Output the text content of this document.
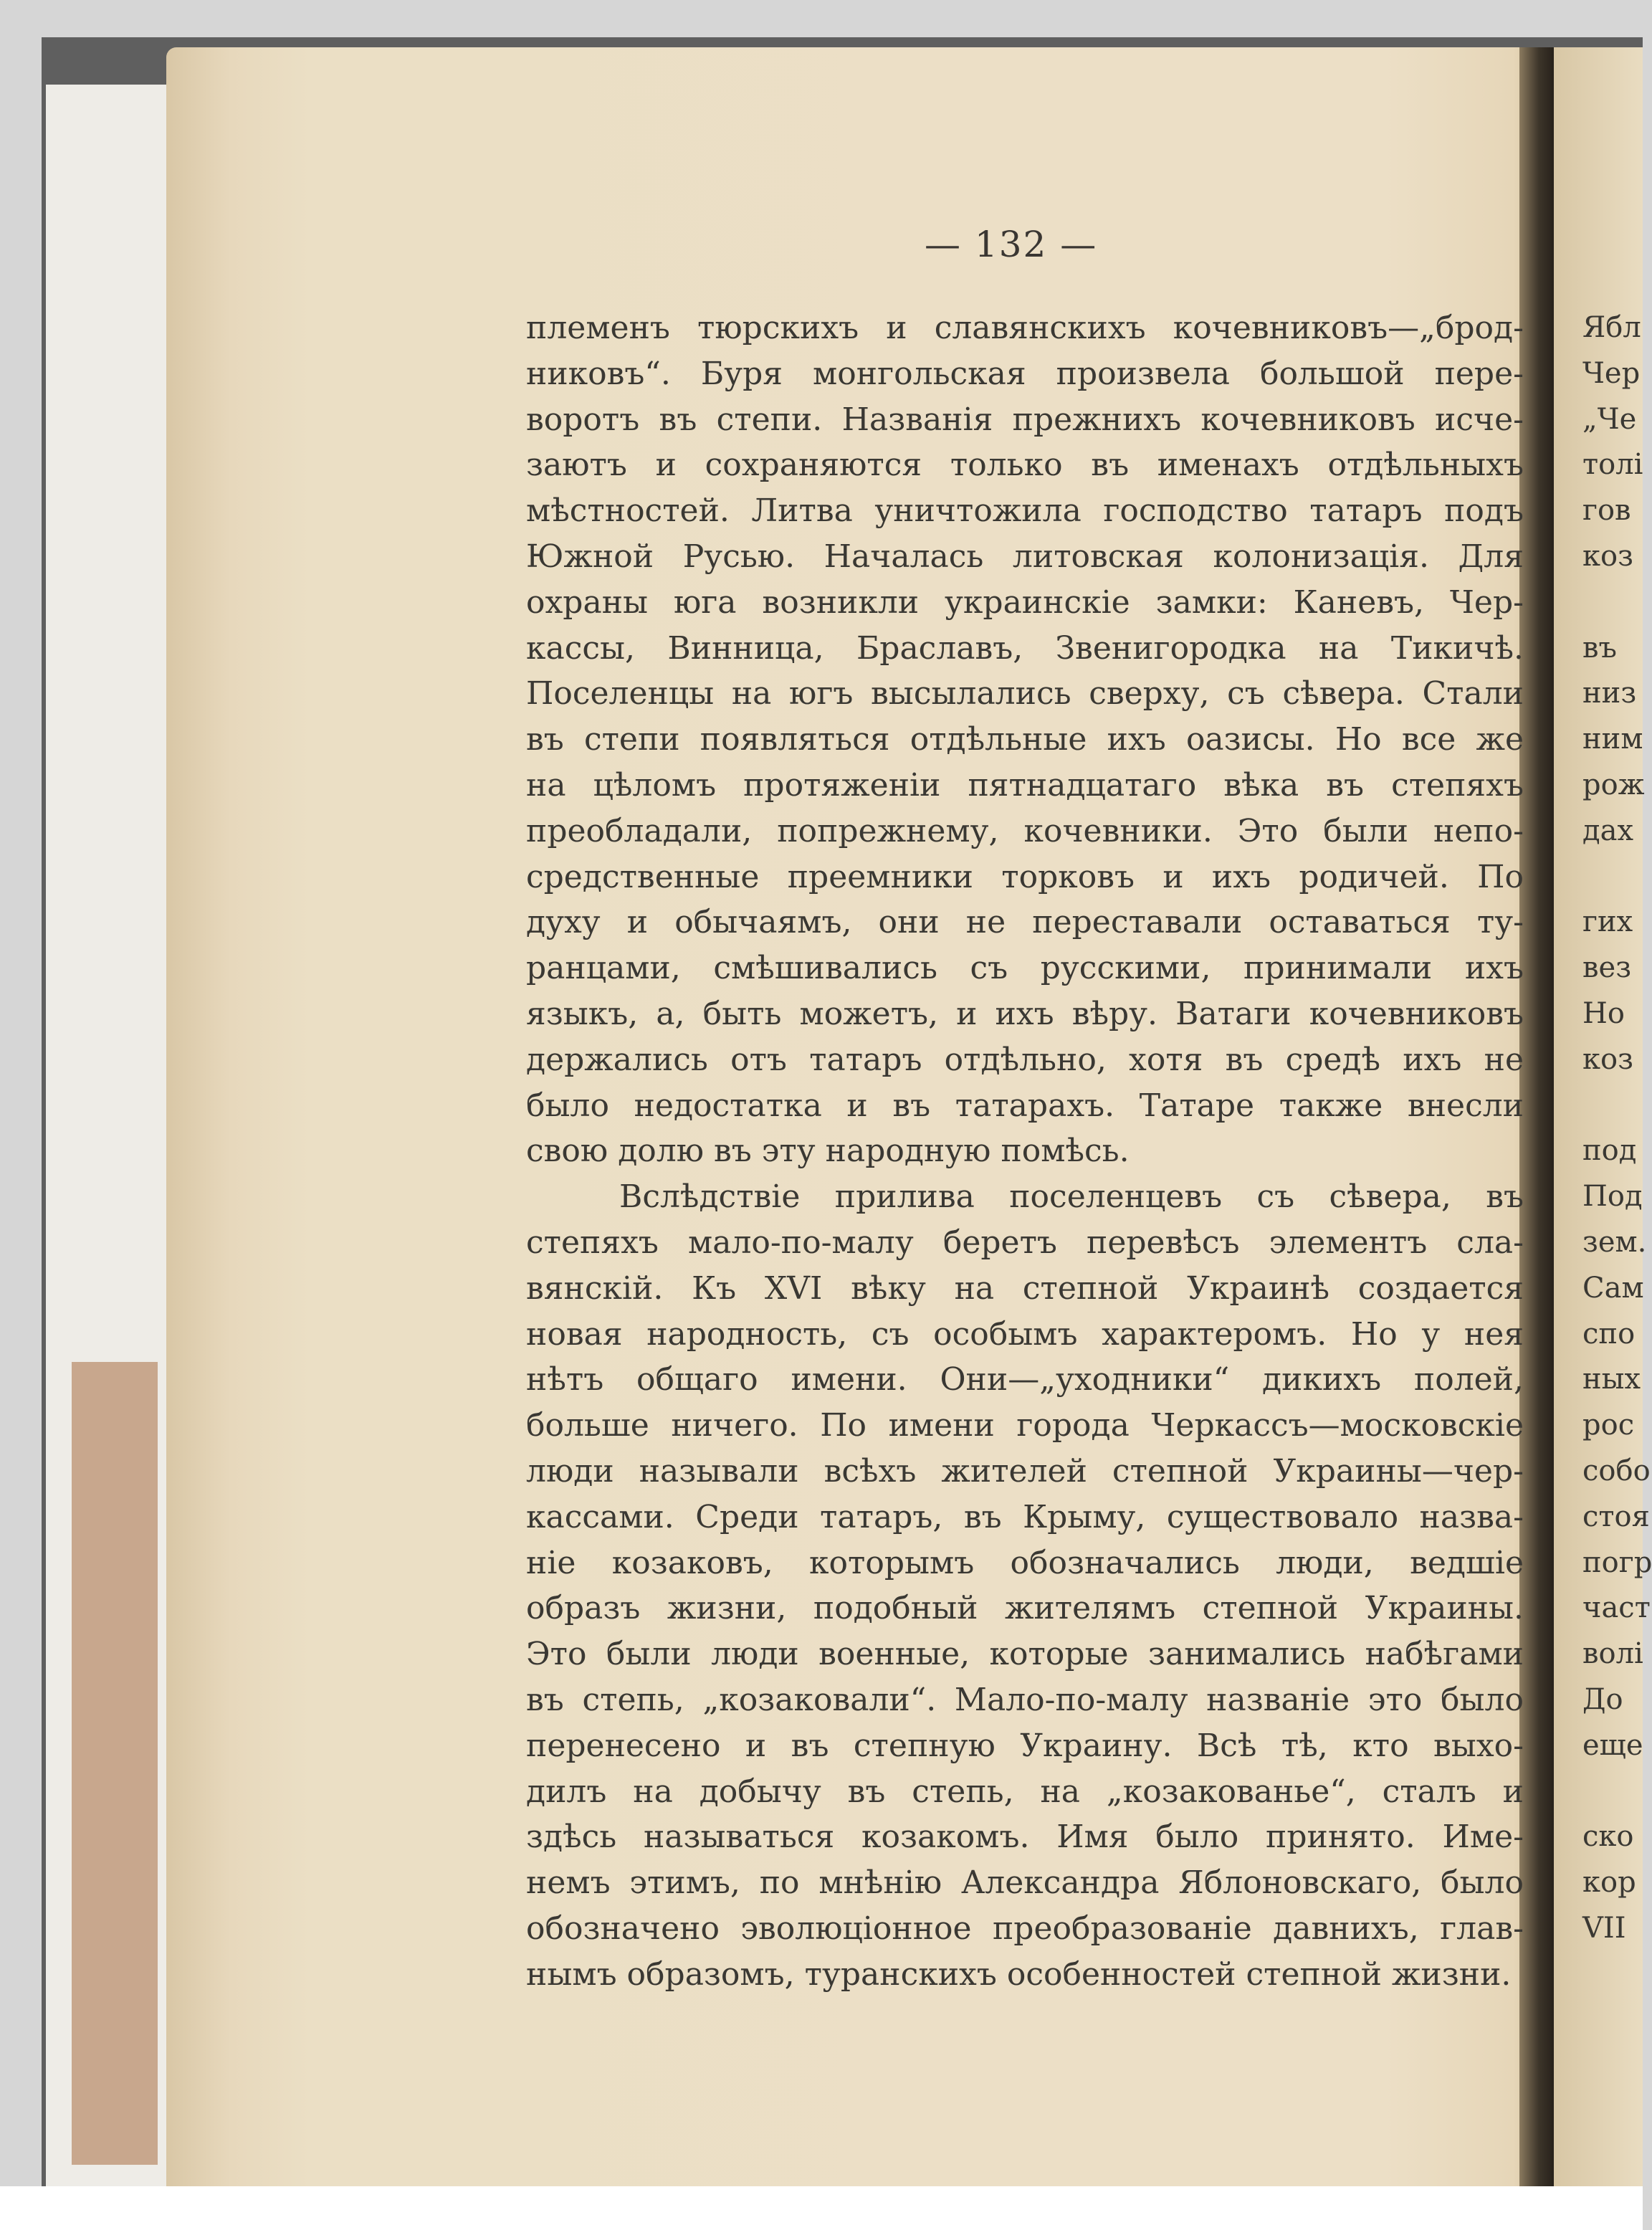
— 132 —
племенъ тюрскихъ и славянскихъ кочевниковъ—„брод-
никовъ“. Буря монгольская произвела большой пере-
воротъ въ степи. Названія прежнихъ кочевниковъ исче-
заютъ и сохраняются только въ именахъ отдѣльныхъ
мѣстностей. Литва уничтожила господство татаръ подъ
Южной Русью. Началась литовская колонизація. Для
охраны юга возникли украинскіе замки: Каневъ, Чер-
кассы, Винница, Браславъ, Звенигородка на Тикичѣ.
Поселенцы на югъ высылались сверху, съ сѣвера. Стали
въ степи появляться отдѣльные ихъ оазисы. Но все же
на цѣломъ протяженіи пятнадцатаго вѣка въ степяхъ
преобладали, попрежнему, кочевники. Это были непо-
средственные преемники торковъ и ихъ родичей. По
духу и обычаямъ, они не переставали оставаться ту-
ранцами, смѣшивались съ русскими, принимали ихъ
языкъ, а, быть можетъ, и ихъ вѣру. Ватаги кочевниковъ
держались отъ татаръ отдѣльно, хотя въ средѣ ихъ не
было недостатка и въ татарахъ. Татаре также внесли
свою долю въ эту народную помѣсь.
Вслѣдствіе прилива поселенцевъ съ сѣвера, въ
степяхъ мало-по-малу беретъ перевѣсъ элементъ сла-
вянскій. Къ XVI вѣку на степной Украинѣ создается
новая народность, съ особымъ характеромъ. Но у нея
нѣтъ общаго имени. Они—„уходники“ дикихъ полей,
больше ничего. По имени города Черкассъ—московскіе
люди называли всѣхъ жителей степной Украины—чер-
кассами. Среди татаръ, въ Крыму, существовало назва-
ніе козаковъ, которымъ обозначались люди, ведшіе
образъ жизни, подобный жителямъ степной Украины.
Это были люди военные, которые занимались набѣгами
въ степь, „козаковали“. Мало-по-малу названіе это было
перенесено и въ степную Украину. Всѣ тѣ, кто выхо-
дилъ на добычу въ степь, на „козакованье“, сталъ и
здѣсь называться козакомъ. Имя было принято. Име-
немъ этимъ, по мнѣнію Александра Яблоновскаго, было
обозначено эволюціонное преобразованіе давнихъ, глав-
нымъ образомъ, туранскихъ особенностей степной жизни.
Ябл
Чер
„Че
толі
гов
коз
въ
низ
ним
рож
дах
гих
вез
Но
коз
под
Под
зем.
Сам
спо
ных
рос
собо
стоя
погр
част
волі
До
еще
ско
кор
VII
